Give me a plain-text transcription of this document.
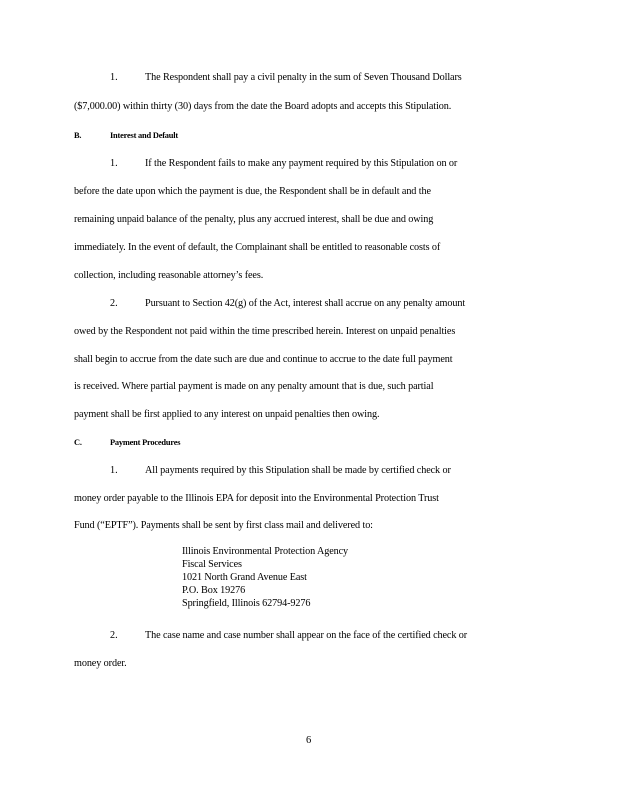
1.	The Respondent shall pay a civil penalty in the sum of Seven Thousand Dollars
($7,000.00) within thirty (30) days from the date the Board adopts and accepts this Stipulation.
B.	Interest and Default
1.	If the Respondent fails to make any payment required by this Stipulation on or
before the date upon which the payment is due, the Respondent shall be in default and the
remaining unpaid balance of the penalty, plus any accrued interest, shall be due and owing
immediately. In the event of default, the Complainant shall be entitled to reasonable costs of
collection, including reasonable attorney’s fees.
2.	Pursuant to Section 42(g) of the Act, interest shall accrue on any penalty amount
owed by the Respondent not paid within the time prescribed herein. Interest on unpaid penalties
shall begin to accrue from the date such are due and continue to accrue to the date full payment
is received. Where partial payment is made on any penalty amount that is due, such partial
payment shall be first applied to any interest on unpaid penalties then owing.
C.	Payment Procedures
1.	All payments required by this Stipulation shall be made by certified check or
money order payable to the Illinois EPA for deposit into the Environmental Protection Trust
Fund (“EPTF”). Payments shall be sent by first class mail and delivered to:
Illinois Environmental Protection Agency
Fiscal Services
1021 North Grand Avenue East
P.O. Box 19276
Springfield, Illinois 62794-9276
2.	The case name and case number shall appear on the face of the certified check or
money order.
6
